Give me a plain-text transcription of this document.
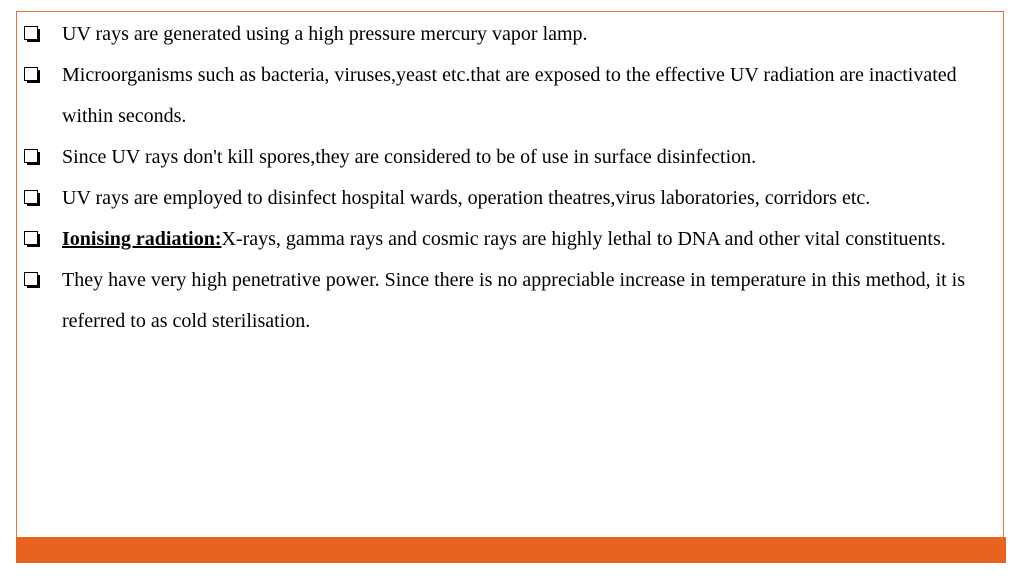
UV rays are generated using a high pressure mercury vapor lamp.
Microorganisms such as bacteria, viruses,yeast etc.that are exposed to the effective UV radiation are inactivated within seconds.
Since UV rays don't kill spores,they are considered to be of use in surface disinfection.
UV rays are employed to disinfect hospital wards, operation theatres,virus laboratories, corridors etc.
Ionising radiation:X-rays, gamma rays and cosmic rays are highly lethal to DNA and other vital constituents.
They have very high penetrative power. Since there is no appreciable increase in temperature in this method, it is referred to as cold sterilisation.
